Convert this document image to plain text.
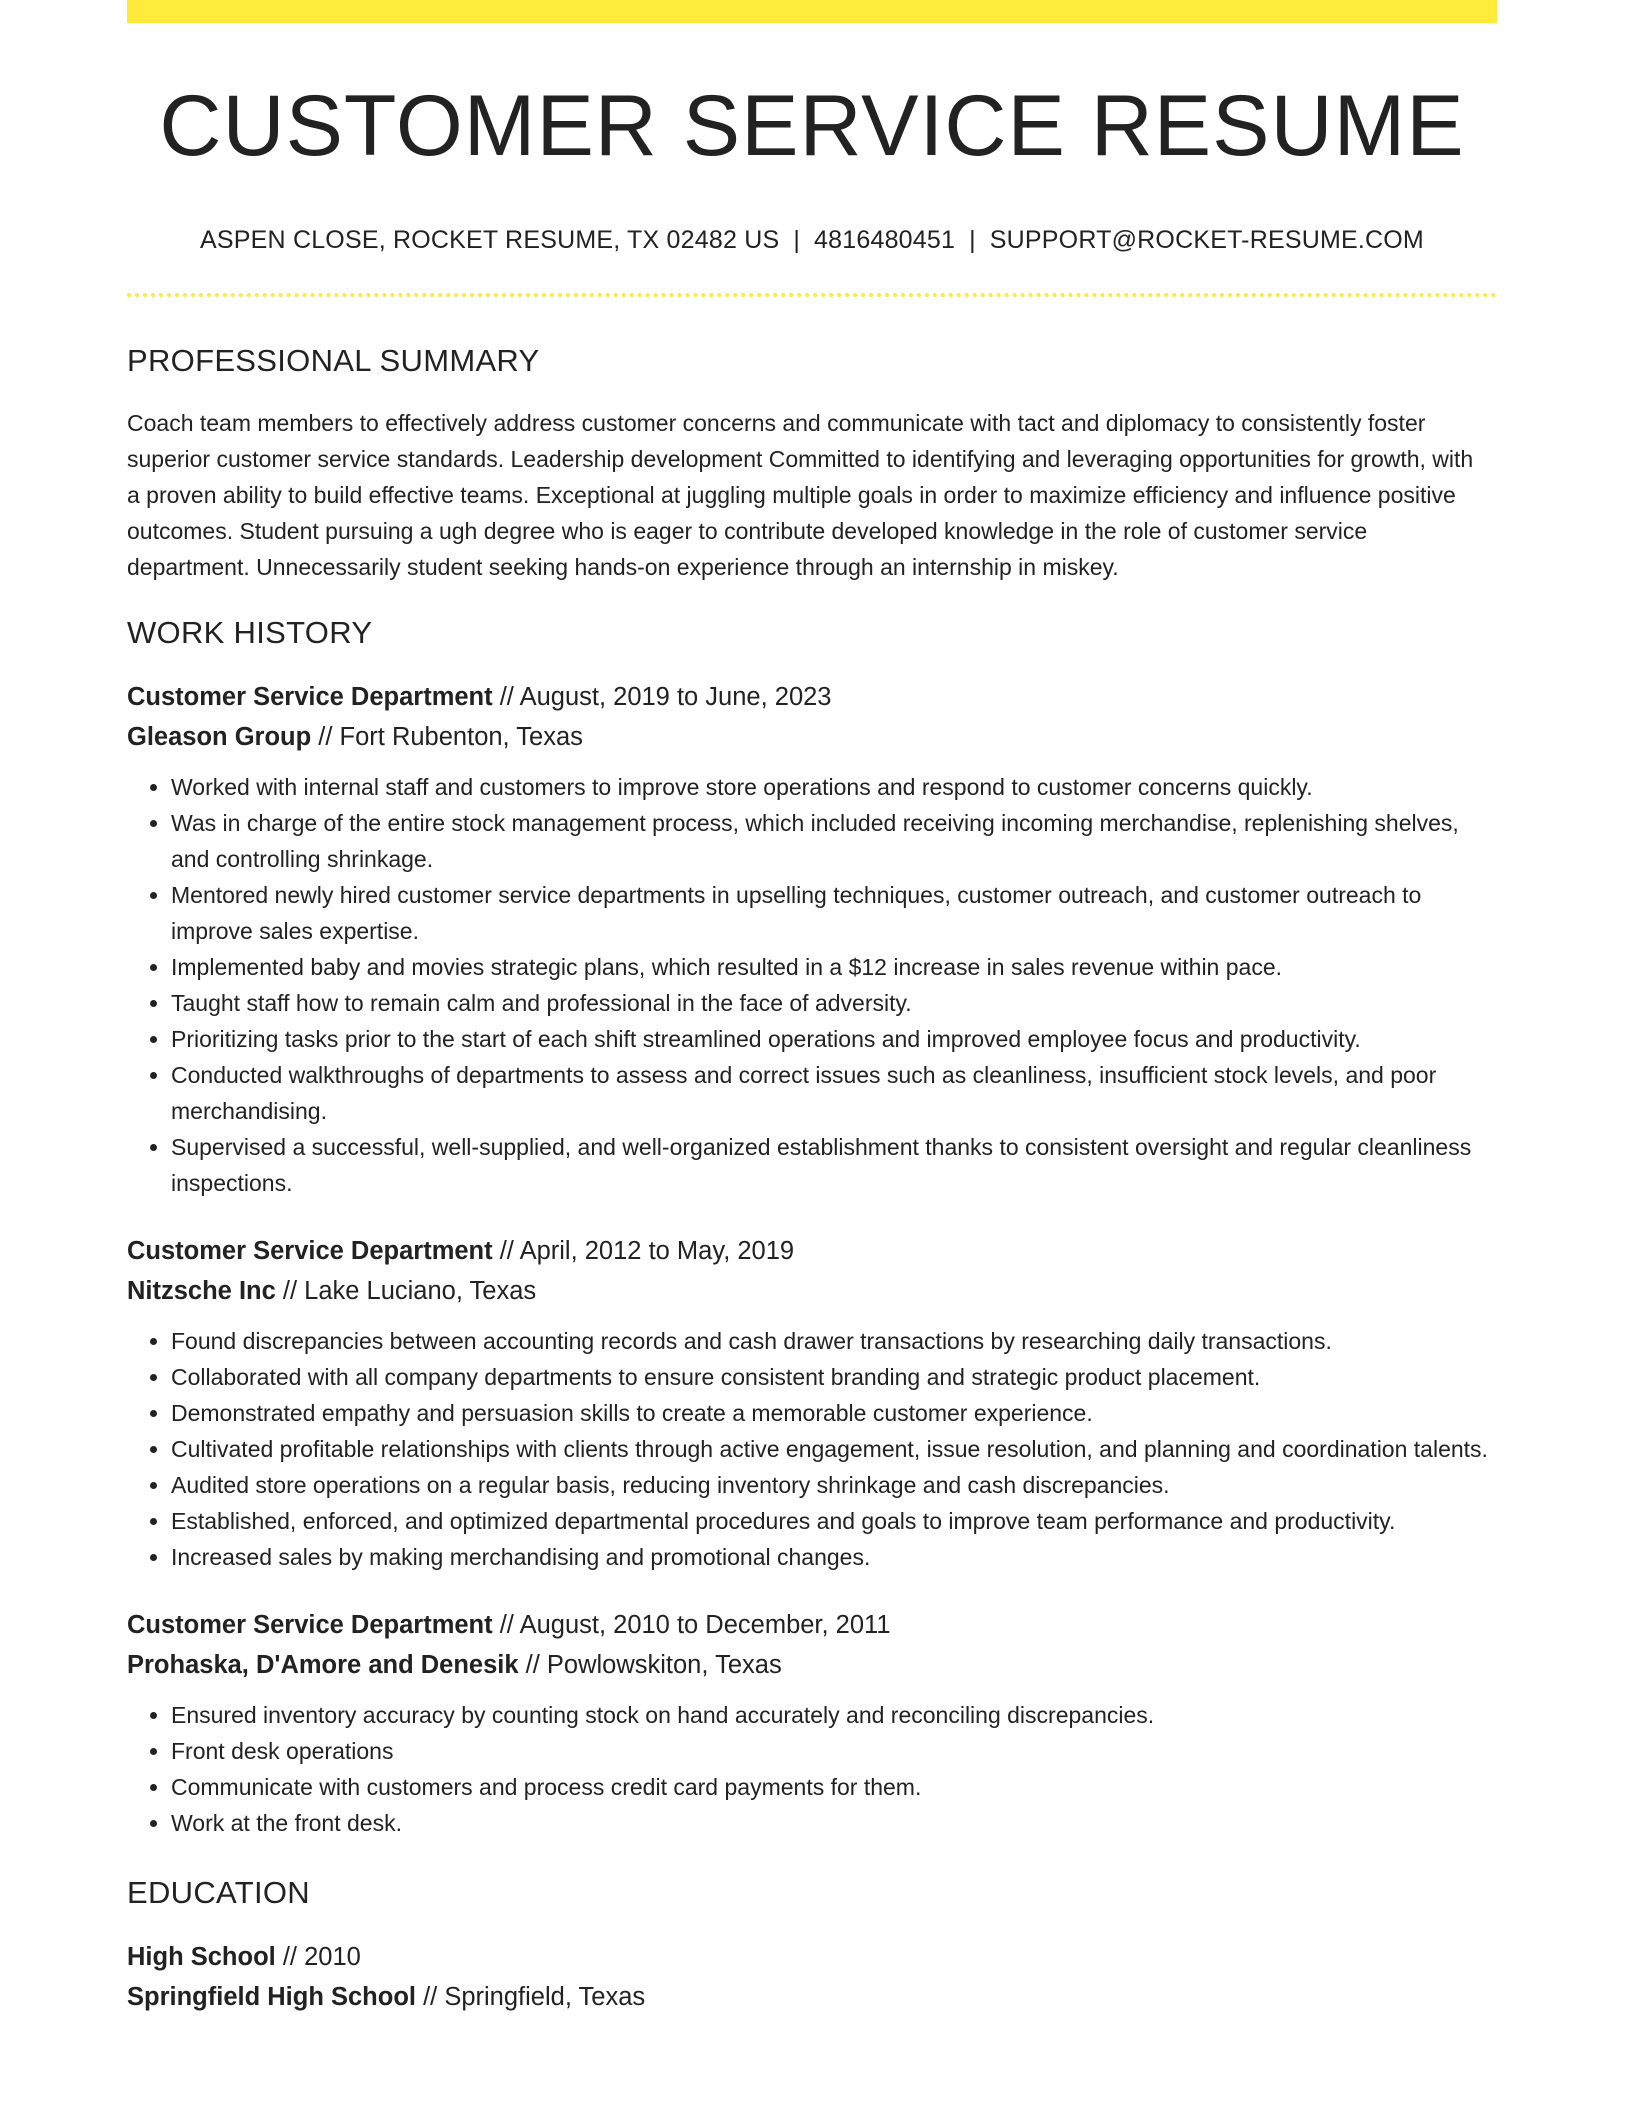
CUSTOMER SERVICE RESUME
ASPEN CLOSE, ROCKET RESUME, TX 02482 US | 4816480451 | SUPPORT@ROCKET-RESUME.COM
PROFESSIONAL SUMMARY

Coach team members to effectively address customer concerns and communicate with tact and diplomacy to consistently foster superior customer service standards. Leadership development Committed to identifying and leveraging opportunities for growth, with a proven ability to build effective teams. Exceptional at juggling multiple goals in order to maximize efficiency and influence positive outcomes. Student pursuing a ugh degree who is eager to contribute developed knowledge in the role of customer service department. Unnecessarily student seeking hands-on experience through an internship in miskey.

WORK HISTORY
Customer Service Department // August, 2019 to June, 2023
Gleason Group // Fort Rubenton, Texas
• Worked with internal staff and customers to improve store operations and respond to customer concerns quickly.
• Was in charge of the entire stock management process, which included receiving incoming merchandise, replenishing shelves, and controlling shrinkage.
• Mentored newly hired customer service departments in upselling techniques, customer outreach, and customer outreach to improve sales expertise.
• Implemented baby and movies strategic plans, which resulted in a $12 increase in sales revenue within pace.
• Taught staff how to remain calm and professional in the face of adversity.
• Prioritizing tasks prior to the start of each shift streamlined operations and improved employee focus and productivity.
• Conducted walkthroughs of departments to assess and correct issues such as cleanliness, insufficient stock levels, and poor merchandising.
• Supervised a successful, well-supplied, and well-organized establishment thanks to consistent oversight and regular cleanliness inspections.
Customer Service Department // April, 2012 to May, 2019
Nitzsche Inc // Lake Luciano, Texas
• Found discrepancies between accounting records and cash drawer transactions by researching daily transactions.
• Collaborated with all company departments to ensure consistent branding and strategic product placement.
• Demonstrated empathy and persuasion skills to create a memorable customer experience.
• Cultivated profitable relationships with clients through active engagement, issue resolution, and planning and coordination talents.
• Audited store operations on a regular basis, reducing inventory shrinkage and cash discrepancies.
• Established, enforced, and optimized departmental procedures and goals to improve team performance and productivity.
• Increased sales by making merchandising and promotional changes.
Customer Service Department // August, 2010 to December, 2011
Prohaska, D'Amore and Denesik // Powlowskiton, Texas
• Ensured inventory accuracy by counting stock on hand accurately and reconciling discrepancies.
• Front desk operations
• Communicate with customers and process credit card payments for them.
• Work at the front desk.
EDUCATION
High School // 2010
Springfield High School // Springfield, Texas
